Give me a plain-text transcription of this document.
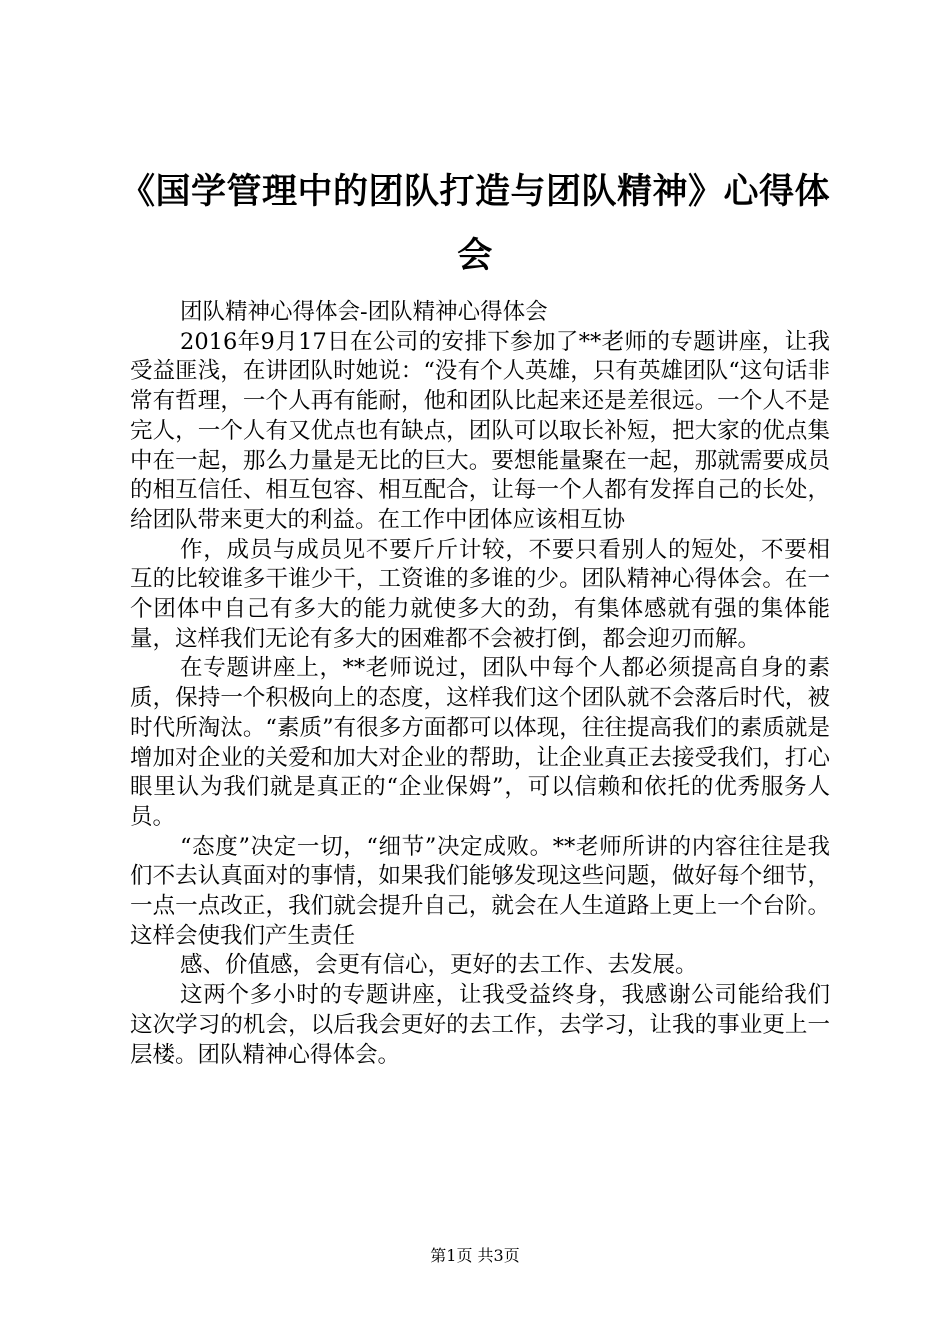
《国学管理中的团队打造与团队精神》心得体会

团队精神心得体会-团队精神心得体会

2016年9月17日在公司的安排下参加了**老师的专题讲座，让我受益匪浅，在讲团队时她说：“没有个人英雄，只有英雄团队“这句话非常有哲理，一个人再有能耐，他和团队比起来还是差很远。一个人不是完人，一个人有又优点也有缺点，团队可以取长补短，把大家的优点集中在一起，那么力量是无比的巨大。要想能量聚在一起，那就需要成员的相互信任、相互包容、相互配合，让每一个人都有发挥自己的长处，给团队带来更大的利益。在工作中团体应该相互协

作，成员与成员见不要斤斤计较，不要只看别人的短处，不要相互的比较谁多干谁少干，工资谁的多谁的少。团队精神心得体会。在一个团体中自己有多大的能力就使多大的劲，有集体感就有强的集体能量，这样我们无论有多大的困难都不会被打倒，都会迎刃而解。

在专题讲座上，**老师说过，团队中每个人都必须提高自身的素质，保持一个积极向上的态度，这样我们这个团队就不会落后时代，被时代所淘汰。“素质”有很多方面都可以体现，往往提高我们的素质就是增加对企业的关爱和加大对企业的帮助，让企业真正去接受我们，打心眼里认为我们就是真正的“企业保姆”，可以信赖和依托的优秀服务人员。

“态度”决定一切，“细节”决定成败。**老师所讲的内容往往是我们不去认真面对的事情，如果我们能够发现这些问题，做好每个细节，一点一点改正，我们就会提升自己，就会在人生道路上更上一个台阶。这样会使我们产生责任

感、价值感，会更有信心，更好的去工作、去发展。

这两个多小时的专题讲座，让我受益终身，我感谢公司能给我们这次学习的机会，以后我会更好的去工作，去学习，让我的事业更上一层楼。团队精神心得体会。

第1页 共3页
